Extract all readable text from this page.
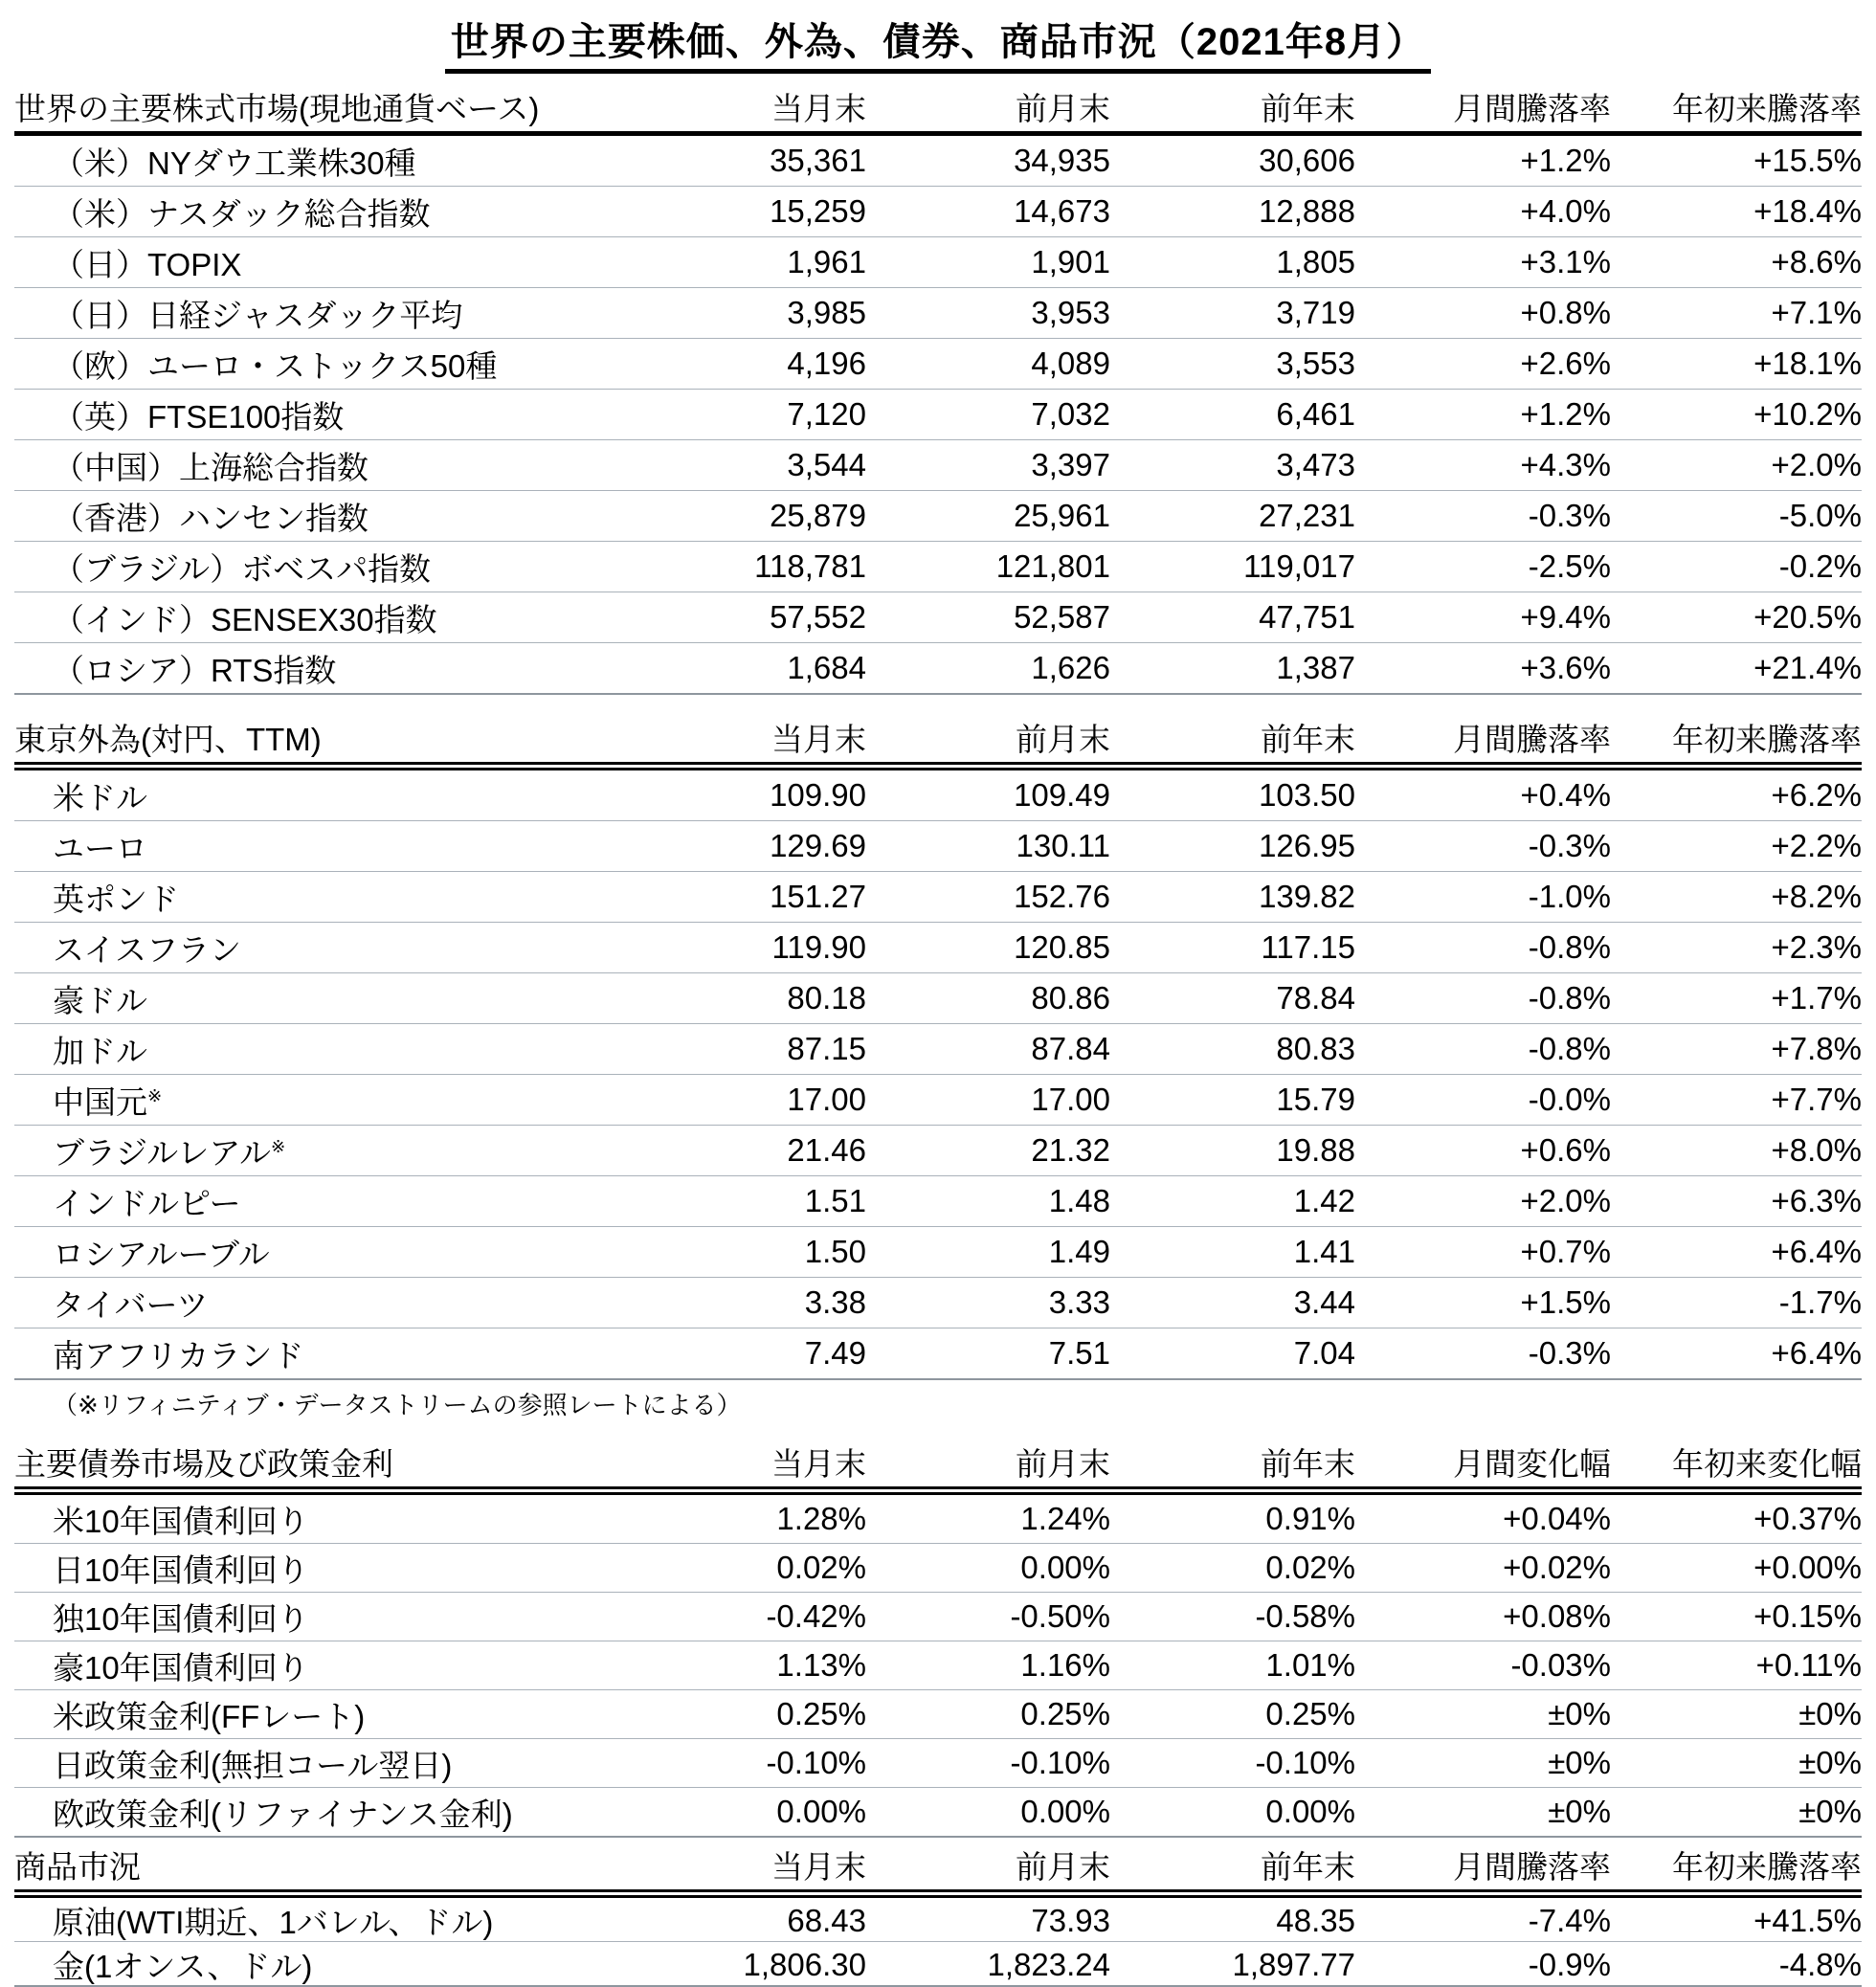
世界の主要株価、外為、債券、商品市況（2021年8月）
世界の主要株式市場(現地通貨ベース)	当月末	前月末	前年末	月間騰落率	年初来騰落率
（米）NYダウ工業株30種	35,361	34,935	30,606	+1.2%	+15.5%
（米）ナスダック総合指数	15,259	14,673	12,888	+4.0%	+18.4%
（日）TOPIX	1,961	1,901	1,805	+3.1%	+8.6%
（日）日経ジャスダック平均	3,985	3,953	3,719	+0.8%	+7.1%
（欧）ユーロ・ストックス50種	4,196	4,089	3,553	+2.6%	+18.1%
（英）FTSE100指数	7,120	7,032	6,461	+1.2%	+10.2%
（中国）上海総合指数	3,544	3,397	3,473	+4.3%	+2.0%
（香港）ハンセン指数	25,879	25,961	27,231	-0.3%	-5.0%
（ブラジル）ボベスパ指数	118,781	121,801	119,017	-2.5%	-0.2%
（インド）SENSEX30指数	57,552	52,587	47,751	+9.4%	+20.5%
（ロシア）RTS指数	1,684	1,626	1,387	+3.6%	+21.4%
東京外為(対円、TTM)	当月末	前月末	前年末	月間騰落率	年初来騰落率
米ドル	109.90	109.49	103.50	+0.4%	+6.2%
ユーロ	129.69	130.11	126.95	-0.3%	+2.2%
英ポンド	151.27	152.76	139.82	-1.0%	+8.2%
スイスフラン	119.90	120.85	117.15	-0.8%	+2.3%
豪ドル	80.18	80.86	78.84	-0.8%	+1.7%
加ドル	87.15	87.84	80.83	-0.8%	+7.8%
中国元※	17.00	17.00	15.79	-0.0%	+7.7%
ブラジルレアル※	21.46	21.32	19.88	+0.6%	+8.0%
インドルピー	1.51	1.48	1.42	+2.0%	+6.3%
ロシアルーブル	1.50	1.49	1.41	+0.7%	+6.4%
タイバーツ	3.38	3.33	3.44	+1.5%	-1.7%
南アフリカランド	7.49	7.51	7.04	-0.3%	+6.4%
（※リフィニティブ・データストリームの参照レートによる）
主要債券市場及び政策金利	当月末	前月末	前年末	月間変化幅	年初来変化幅
米10年国債利回り	1.28%	1.24%	0.91%	+0.04%	+0.37%
日10年国債利回り	0.02%	0.00%	0.02%	+0.02%	+0.00%
独10年国債利回り	-0.42%	-0.50%	-0.58%	+0.08%	+0.15%
豪10年国債利回り	1.13%	1.16%	1.01%	-0.03%	+0.11%
米政策金利(FFレート)	0.25%	0.25%	0.25%	±0%	±0%
日政策金利(無担コール翌日)	-0.10%	-0.10%	-0.10%	±0%	±0%
欧政策金利(リファイナンス金利)	0.00%	0.00%	0.00%	±0%	±0%
商品市況	当月末	前月末	前年末	月間騰落率	年初来騰落率
原油(WTI期近、1バレル、ドル)	68.43	73.93	48.35	-7.4%	+41.5%
金(1オンス、ドル)	1,806.30	1,823.24	1,897.77	-0.9%	-4.8%
